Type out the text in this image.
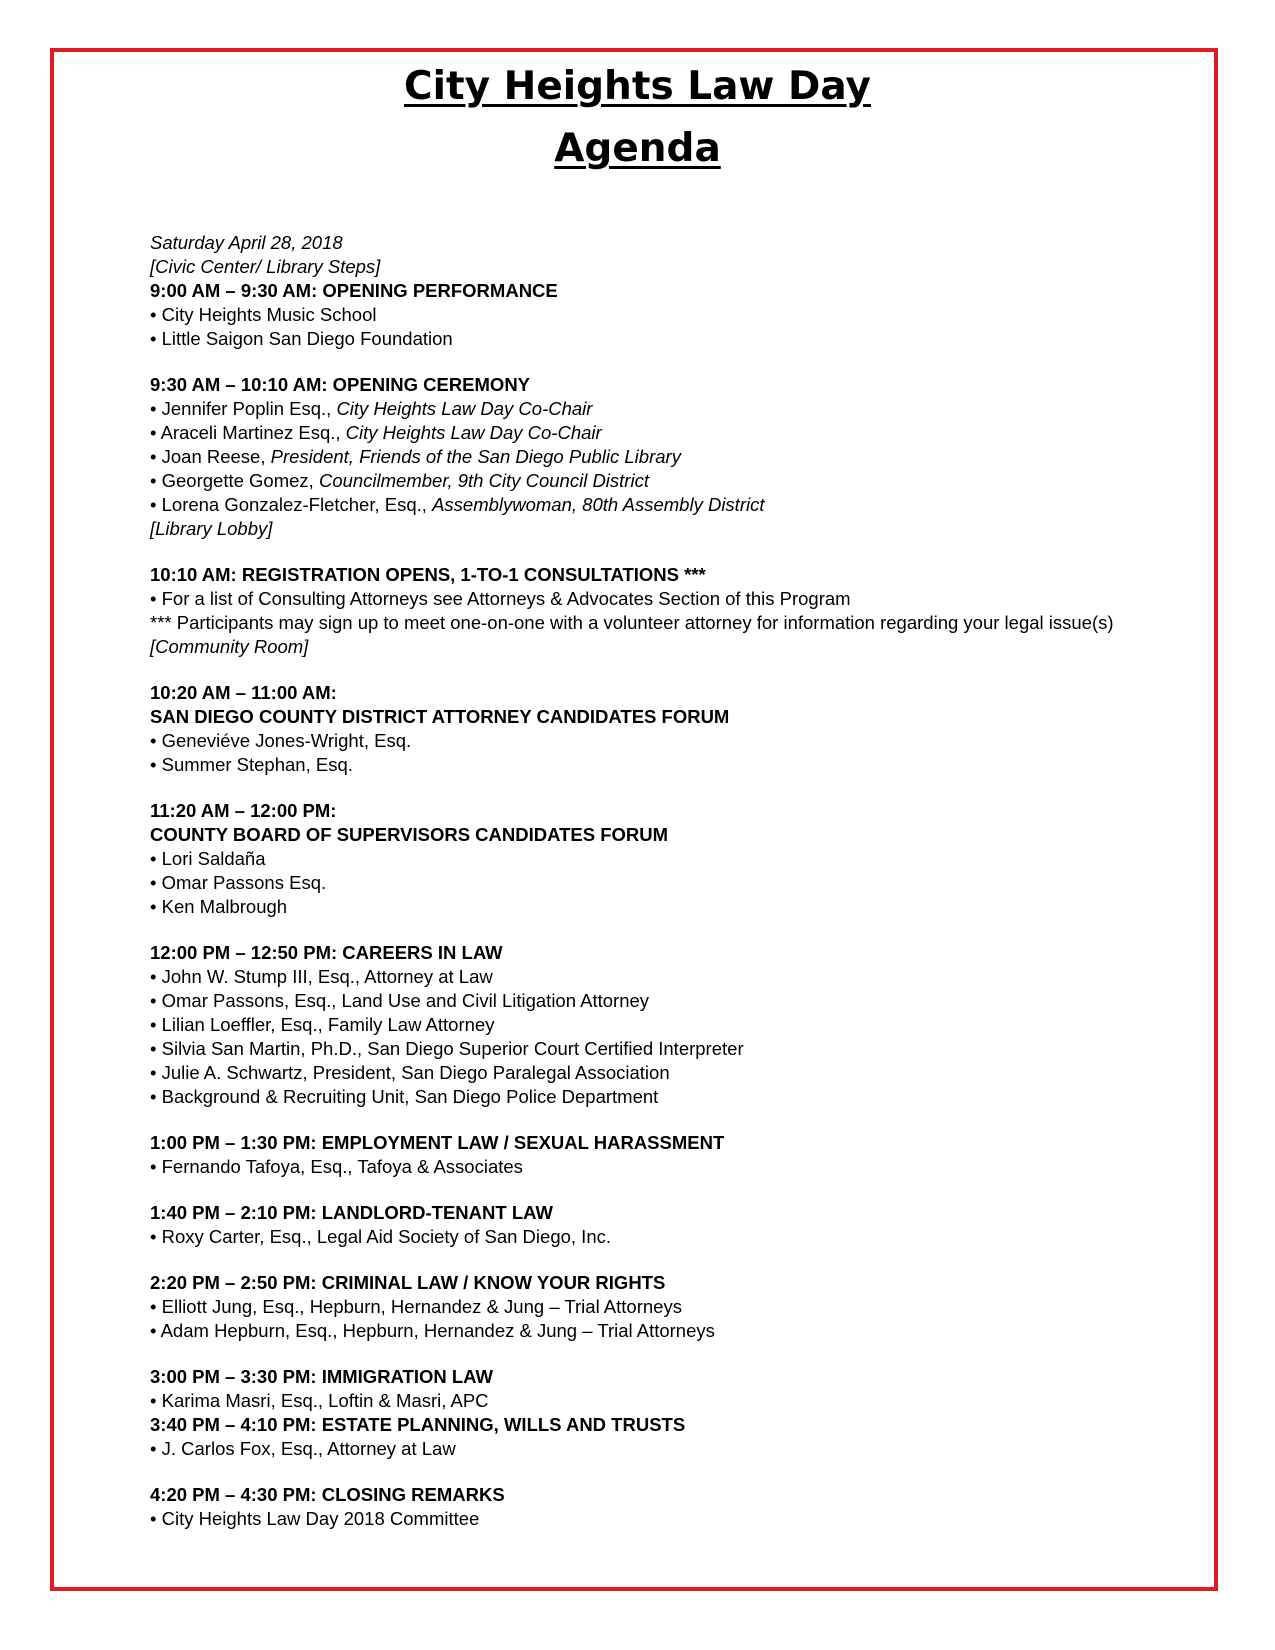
City Heights Law Day
Agenda

Saturday April 28, 2018

[Civic Center/ Library Steps]

9:00 AM – 9:30 AM: OPENING PERFORMANCE

• City Heights Music School

• Little Saigon San Diego Foundation

9:30 AM – 10:10 AM: OPENING CEREMONY

• Jennifer Poplin Esq., City Heights Law Day Co-Chair

• Araceli Martinez Esq., City Heights Law Day Co-Chair

• Joan Reese, President, Friends of the San Diego Public Library

• Georgette Gomez, Councilmember, 9th City Council District

• Lorena Gonzalez-Fletcher, Esq., Assemblywoman, 80th Assembly District

[Library Lobby]

10:10 AM: REGISTRATION OPENS, 1-TO-1 CONSULTATIONS ***

• For a list of Consulting Attorneys see Attorneys & Advocates Section of this Program

*** Participants may sign up to meet one-on-one with a volunteer attorney for information regarding your legal issue(s)

[Community Room]

10:20 AM – 11:00 AM:

SAN DIEGO COUNTY DISTRICT ATTORNEY CANDIDATES FORUM

• Geneviéve Jones-Wright, Esq.

• Summer Stephan, Esq.

11:20 AM – 12:00 PM:

COUNTY BOARD OF SUPERVISORS CANDIDATES FORUM

• Lori Saldaña

• Omar Passons Esq.

• Ken Malbrough

12:00 PM – 12:50 PM: CAREERS IN LAW

• John W. Stump III, Esq., Attorney at Law

• Omar Passons, Esq., Land Use and Civil Litigation Attorney

• Lilian Loeffler, Esq., Family Law Attorney

• Silvia San Martin, Ph.D., San Diego Superior Court Certified Interpreter

• Julie A. Schwartz, President, San Diego Paralegal Association

• Background & Recruiting Unit, San Diego Police Department

1:00 PM – 1:30 PM: EMPLOYMENT LAW / SEXUAL HARASSMENT

• Fernando Tafoya, Esq., Tafoya & Associates

1:40 PM – 2:10 PM: LANDLORD-TENANT LAW

• Roxy Carter, Esq., Legal Aid Society of San Diego, Inc.

2:20 PM – 2:50 PM: CRIMINAL LAW / KNOW YOUR RIGHTS

• Elliott Jung, Esq., Hepburn, Hernandez & Jung – Trial Attorneys

• Adam Hepburn, Esq., Hepburn, Hernandez & Jung – Trial Attorneys

3:00 PM – 3:30 PM: IMMIGRATION LAW

• Karima Masri, Esq., Loftin & Masri, APC

3:40 PM – 4:10 PM: ESTATE PLANNING, WILLS AND TRUSTS

• J. Carlos Fox, Esq., Attorney at Law

4:20 PM – 4:30 PM: CLOSING REMARKS

• City Heights Law Day 2018 Committee
